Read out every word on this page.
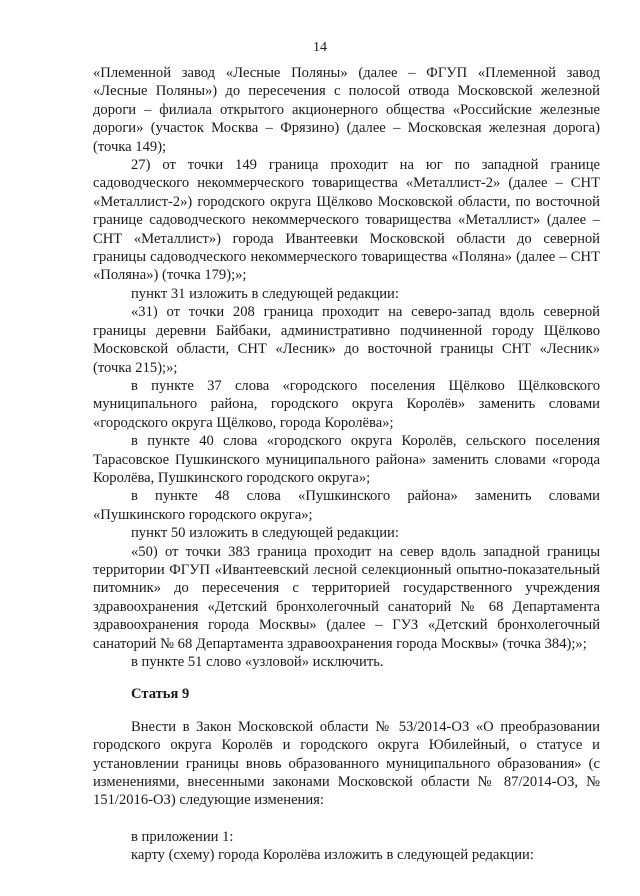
14

«Племенной завод «Лесные Поляны» (далее – ФГУП «Племенной завод «Лесные Поляны») до пересечения с полосой отвода Московской железной дороги – филиала открытого акционерного общества «Российские железные дороги» (участок Москва – Фрязино) (далее – Московская железная дорога) (точка 149);

27) от точки 149 граница проходит на юг по западной границе садоводческого некоммерческого товарищества «Металлист-2» (далее – СНТ «Металлист-2») городского округа Щёлково Московской области, по восточной границе садоводческого некоммерческого товарищества «Металлист» (далее – СНТ «Металлист») города Ивантеевки Московской области до северной границы садоводческого некоммерческого товарищества «Поляна» (далее – СНТ «Поляна») (точка 179);»;

пункт 31 изложить в следующей редакции:

«31) от точки 208 граница проходит на северо-запад вдоль северной границы деревни Байбаки, административно подчиненной городу Щёлково Московской области, СНТ «Лесник» до восточной границы СНТ «Лесник» (точка 215);»;

в пункте 37 слова «городского поселения Щёлково Щёлковского муниципального района, городского округа Королёв» заменить словами «городского округа Щёлково, города Королёва»;

в пункте 40 слова «городского округа Королёв, сельского поселения Тарасовское Пушкинского муниципального района» заменить словами «города Королёва, Пушкинского городского округа»;

в пункте 48 слова «Пушкинского района» заменить словами «Пушкинского городского округа»;

пункт 50 изложить в следующей редакции:

«50) от точки 383 граница проходит на север вдоль западной границы территории ФГУП «Ивантеевский лесной селекционный опытно-показательный питомник» до пересечения с территорией государственного учреждения здравоохранения «Детский бронхолегочный санаторий № 68 Департамента здравоохранения города Москвы» (далее – ГУЗ «Детский бронхолегочный санаторий № 68 Департамента здравоохранения города Москвы» (точка 384);»;

в пункте 51 слово «узловой» исключить.

Статья 9

Внести в Закон Московской области № 53/2014-ОЗ «О преобразовании городского округа Королёв и городского округа Юбилейный, о статусе и установлении границы вновь образованного муниципального образования» (с изменениями, внесенными законами Московской области № 87/2014-ОЗ, № 151/2016-ОЗ) следующие изменения:

в приложении 1:

карту (схему) города Королёва изложить в следующей редакции:
